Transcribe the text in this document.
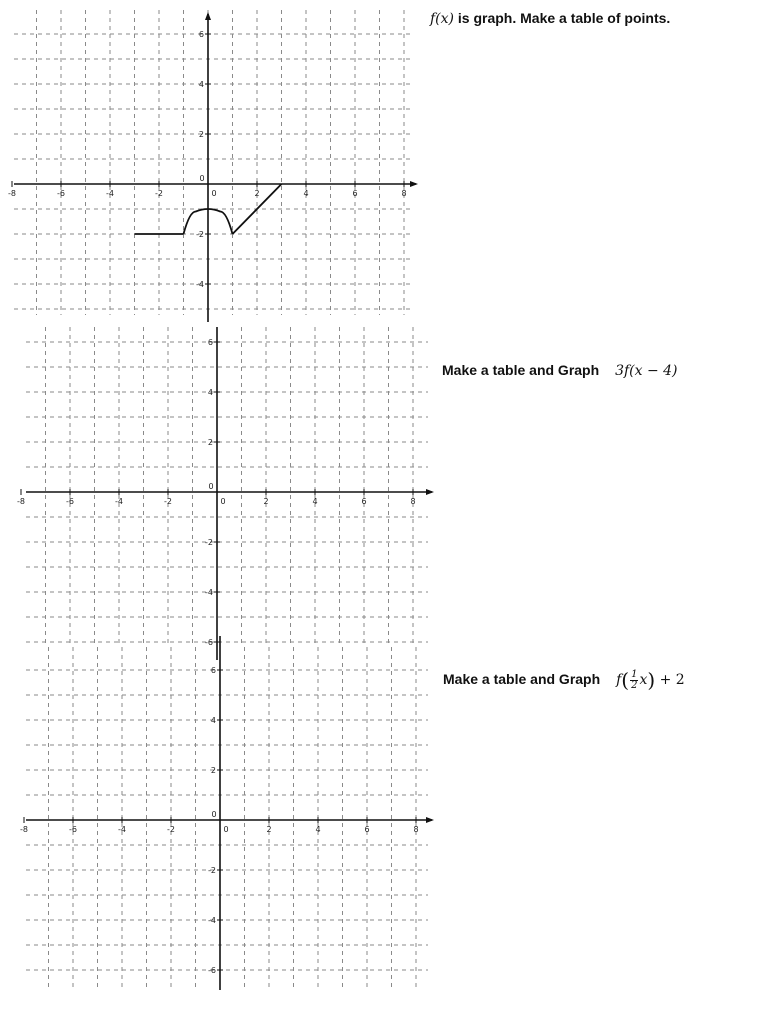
-8	-6	-4	-2	2	4	6	8
0
0
6
4
2
-2
-4
-8	-6	-4	-2	2	4	6	8
0
0
6
4
2
-2
-4
-6
-8	-6	-4	-2	2	4	6	8
0
0
6
4
2
-2
-4
-6
f(x) is graph. Make a table of points.
Make a table and Graph 3f(x − 4)
Make a table and Graph $f( \frac{1}{2} x) + 2$
